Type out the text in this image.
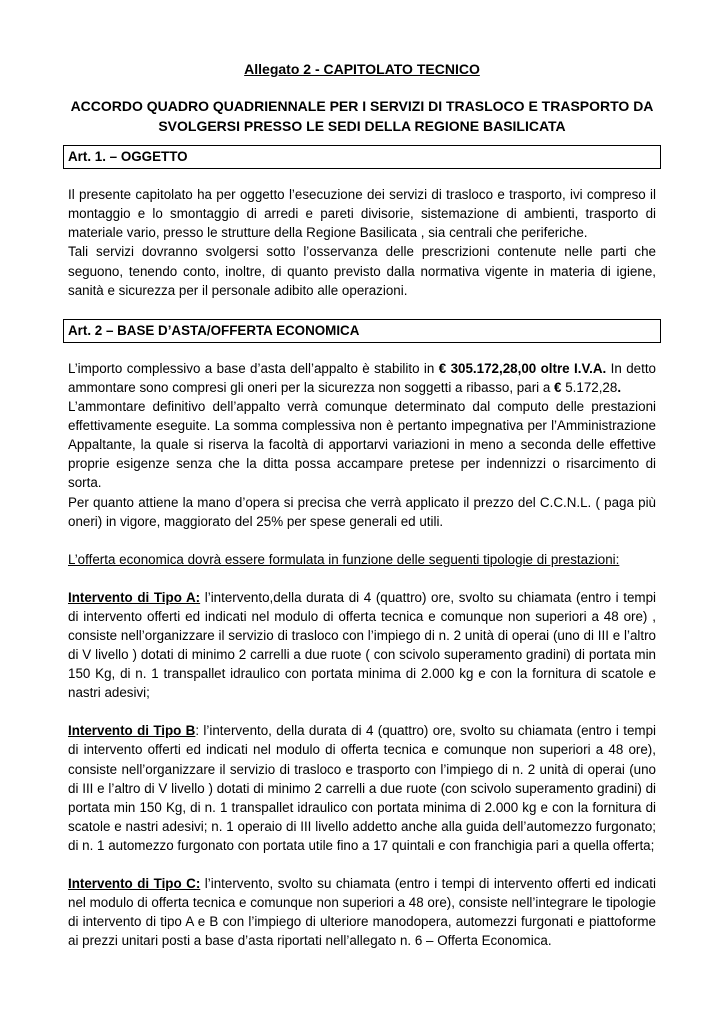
Allegato 2 - CAPITOLATO TECNICO
ACCORDO QUADRO QUADRIENNALE PER I SERVIZI DI TRASLOCO E TRASPORTO DA
SVOLGERSI PRESSO LE SEDI DELLA REGIONE BASILICATA
Art. 1. – OGGETTO

Il presente capitolato ha per oggetto l’esecuzione dei servizi di trasloco e trasporto, ivi compreso il montaggio e lo smontaggio di arredi e pareti divisorie, sistemazione di ambienti, trasporto di materiale vario, presso le strutture della Regione Basilicata , sia centrali che periferiche.

Tali servizi dovranno svolgersi sotto l’osservanza delle prescrizioni contenute nelle parti che seguono, tenendo conto, inoltre, di quanto previsto dalla normativa vigente in materia di igiene, sanità e sicurezza per il personale adibito alle operazioni.

Art. 2 – BASE D’ASTA/OFFERTA ECONOMICA

L’importo complessivo a base d’asta dell’appalto è stabilito in € 305.172,28,00 oltre I.V.A. In detto ammontare sono compresi gli oneri per la sicurezza non soggetti a ribasso, pari a € 5.172,28.

L’ammontare definitivo dell’appalto verrà comunque determinato dal computo delle prestazioni effettivamente eseguite. La somma complessiva non è pertanto impegnativa per l’Amministrazione Appaltante, la quale si riserva la facoltà di apportarvi variazioni in meno a seconda delle effettive proprie esigenze senza che la ditta possa accampare pretese per indennizzi o risarcimento di sorta.

Per quanto attiene la mano d’opera si precisa che verrà applicato il prezzo del C.C.N.L. ( paga più oneri) in vigore, maggiorato del 25% per spese generali ed utili.

L’offerta economica dovrà essere formulata in funzione delle seguenti tipologie di prestazioni:

Intervento di Tipo A: l’intervento,della durata di 4 (quattro) ore, svolto su chiamata (entro i tempi di intervento offerti ed indicati nel modulo di offerta tecnica e comunque non superiori a 48 ore) , consiste nell’organizzare il servizio di trasloco con l’impiego di n. 2 unità di operai (uno di III e l’altro di V livello ) dotati di minimo 2 carrelli a due ruote ( con scivolo superamento gradini) di portata min 150 Kg, di n. 1 transpallet idraulico con portata minima di 2.000 kg e con la fornitura di scatole e nastri adesivi;

Intervento di Tipo B: l’intervento, della durata di 4 (quattro) ore, svolto su chiamata (entro i tempi di intervento offerti ed indicati nel modulo di offerta tecnica e comunque non superiori a 48 ore), consiste nell’organizzare il servizio di trasloco e trasporto con l’impiego di n. 2 unità di operai (uno di III e l’altro di V livello ) dotati di minimo 2 carrelli a due ruote (con scivolo superamento gradini) di portata min 150 Kg, di n. 1 transpallet idraulico con portata minima di 2.000 kg e con la fornitura di scatole e nastri adesivi; n. 1 operaio di III livello addetto anche alla guida dell’automezzo furgonato; di n. 1 automezzo furgonato con portata utile fino a 17 quintali e con franchigia pari a quella offerta;

Intervento di Tipo C: l’intervento, svolto su chiamata (entro i tempi di intervento offerti ed indicati nel modulo di offerta tecnica e comunque non superiori a 48 ore), consiste nell’integrare le tipologie di intervento di tipo A e B con l’impiego di ulteriore manodopera, automezzi furgonati e piattoforme ai prezzi unitari posti a base d’asta riportati nell’allegato n. 6 – Offerta Economica.
